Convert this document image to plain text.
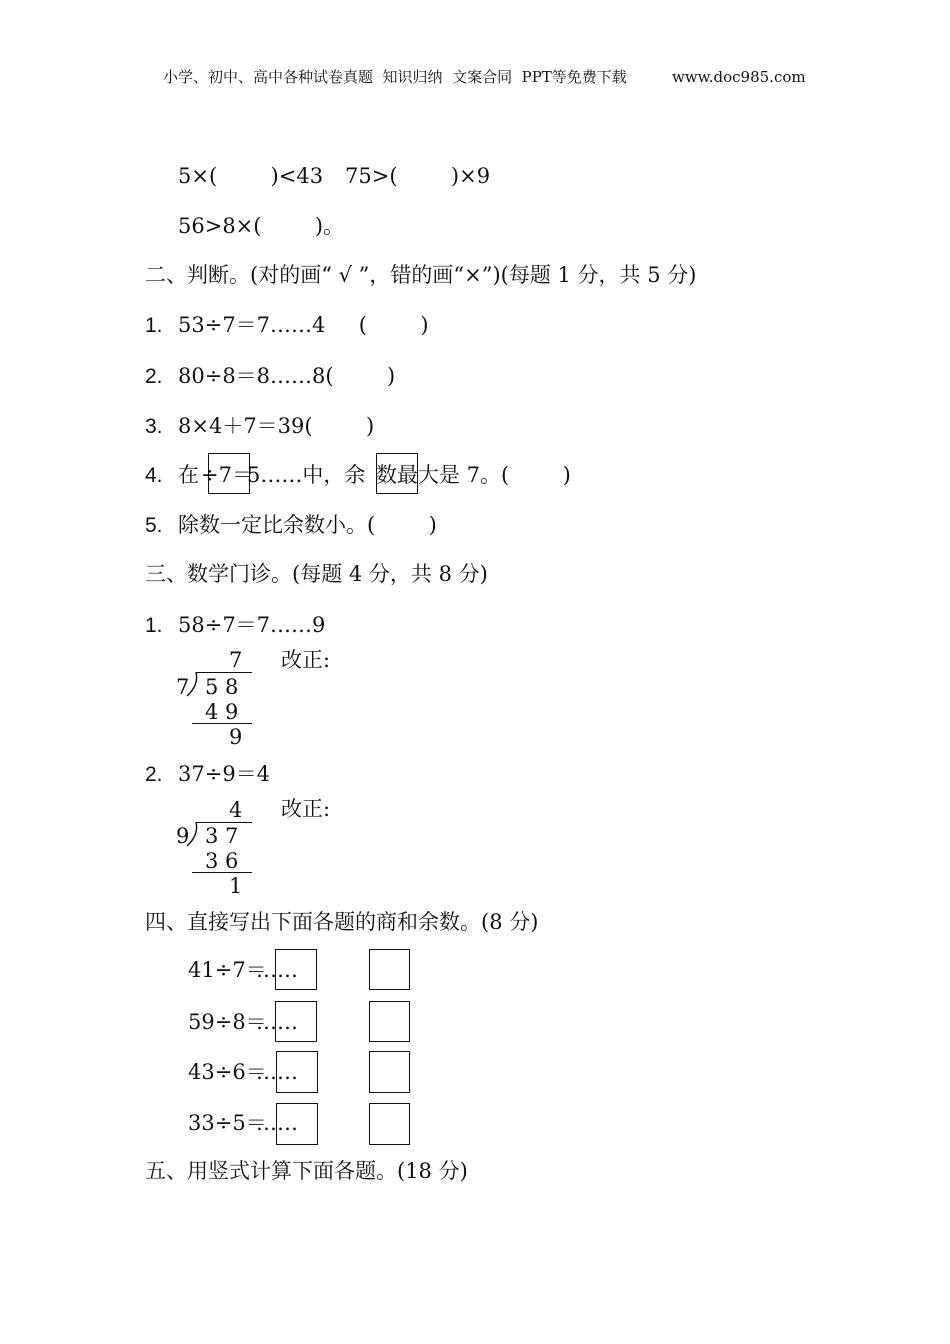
小学、初中、高中各种试卷真题  知识归纳  文案合同  PPT等免费下载	www.doc985.com
5×(        )<43 75>(        )×9
56>8×(        )。
二、判断。(对的画“ √ ”，错的画“×”)(每题 1 分，共 5 分)
1. 53÷7＝7……4     (        )
2. 80÷8＝8……8(        )
3. 8×4＋7＝39(        )
4. 在 ÷7＝
5……中，余 数最 大是 7。(        )
5. 除数一定比余数小。(        )
三、数学门诊。(每题 4 分，共 8 分)
1. 58÷7＝7……9
7
7 5 8
4 9
9
改正:
2. 37÷9＝4
4
9 3 7
3 6
1
改正:
四、直接写出下面各题的商和余数。(8 分)
41÷7＝
……
59÷8＝
……
43÷6＝
……
33÷5＝
……
五、用竖式计算下面各题。(18 分)
